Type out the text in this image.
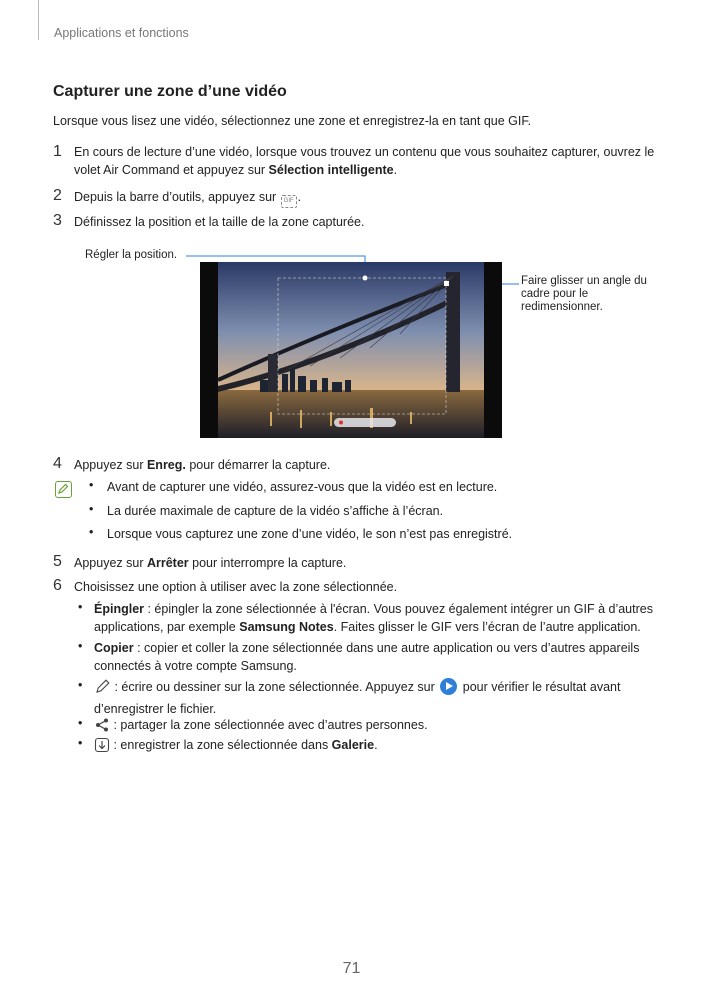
Applications et fonctions
Capturer une zone d’une vidéo
Lorsque vous lisez une vidéo, sélectionnez une zone et enregistrez-la en tant que GIF.
1 En cours de lecture d’une vidéo, lorsque vous trouvez un contenu que vous souhaitez capturer, ouvrez le volet Air Command et appuyez sur Sélection intelligente.
2 Depuis la barre d’outils, appuyez sur GIF .
3 Définissez la position et la taille de la zone capturée.
Régler la position.
Faire glisser un angle du cadre pour le redimensionner.
4 Appuyez sur Enreg. pour démarrer la capture.
• Avant de capturer une vidéo, assurez-vous que la vidéo est en lecture.
• La durée maximale de capture de la vidéo s’affiche à l’écran.
• Lorsque vous capturez une zone d’une vidéo, le son n’est pas enregistré.
5 Appuyez sur Arrêter pour interrompre la capture.
6 Choisissez une option à utiliser avec la zone sélectionnée.
• Épingler : épingler la zone sélectionnée à l'écran. Vous pouvez également intégrer un GIF à d’autres applications, par exemple Samsung Notes. Faites glisser le GIF vers l’écran de l’autre application.
• Copier : copier et coller la zone sélectionnée dans une autre application ou vers d’autres appareils connectés à votre compte Samsung.
•	: écrire ou dessiner sur la zone sélectionnée. Appuyez sur  pour vérifier le résultat avant d’enregistrer le fichier.
•	: partager la zone sélectionnée avec d’autres personnes.
•	: enregistrer la zone sélectionnée dans Galerie.
71
